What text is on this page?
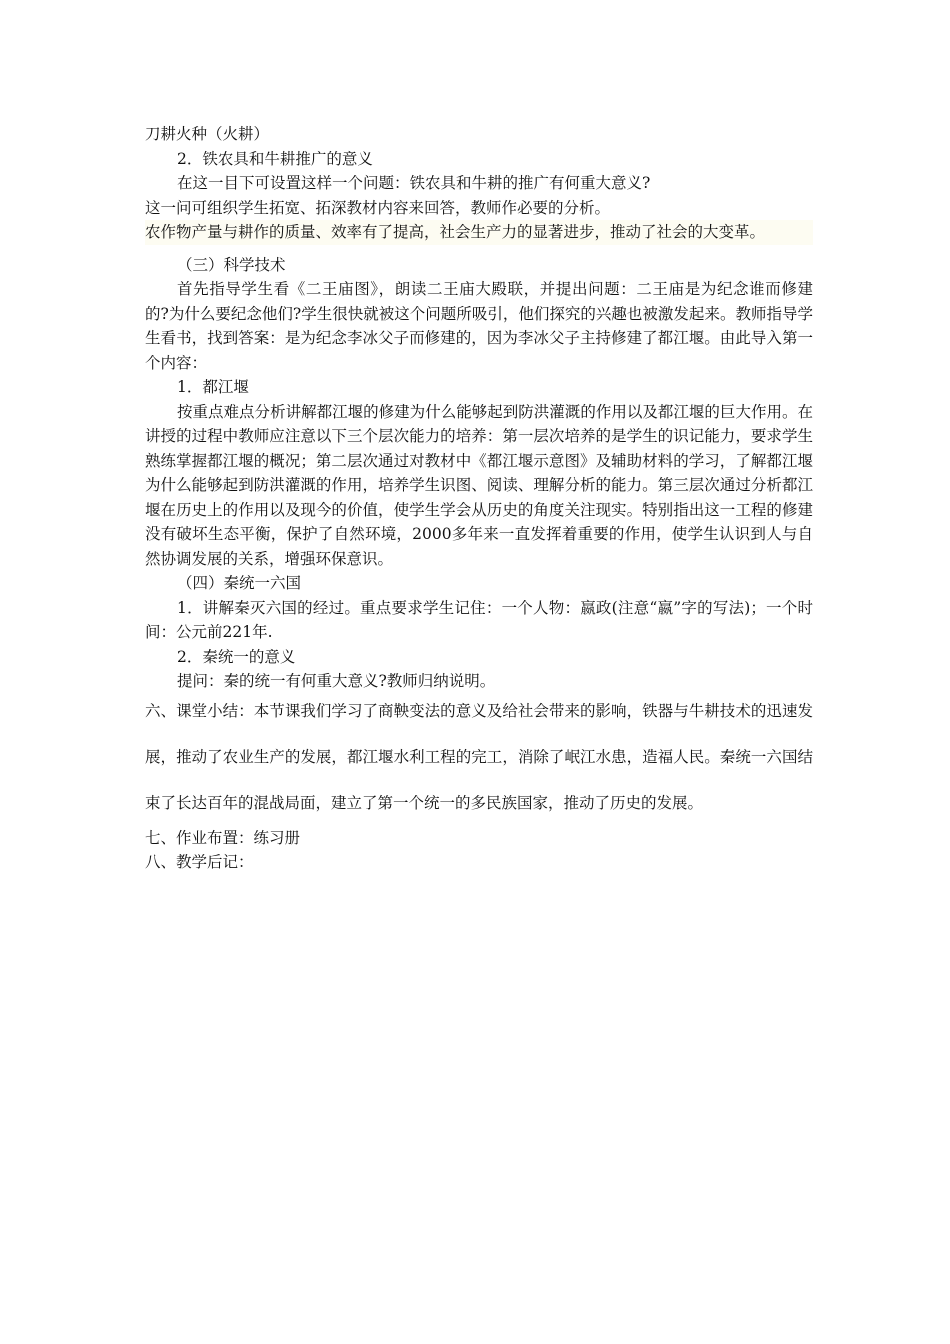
刀耕火种（火耕）

2．铁农具和牛耕推广的意义

在这一目下可设置这样一个问题：铁农具和牛耕的推广有何重大意义?

这一问可组织学生拓宽、拓深教材内容来回答，教师作必要的分析。

农作物产量与耕作的质量、效率有了提高，社会生产力的显著进步，推动了社会的大变革。

（三）科学技术

首先指导学生看《二王庙图》，朗读二王庙大殿联，并提出问题：二王庙是为纪念谁而修建的?为什么要纪念他们?学生很快就被这个问题所吸引，他们探究的兴趣也被激发起来。教师指导学生看书，找到答案：是为纪念李冰父子而修建的，因为李冰父子主持修建了都江堰。由此导入第一个内容：

1．都江堰

按重点难点分析讲解都江堰的修建为什么能够起到防洪灌溉的作用以及都江堰的巨大作用。在讲授的过程中教师应注意以下三个层次能力的培养：第一层次培养的是学生的识记能力，要求学生熟练掌握都江堰的概况；第二层次通过对教材中《都江堰示意图》及辅助材料的学习，了解都江堰为什么能够起到防洪灌溉的作用，培养学生识图、阅读、理解分析的能力。第三层次通过分析都江堰在历史上的作用以及现今的价值，使学生学会从历史的角度关注现实。特别指出这一工程的修建没有破坏生态平衡，保护了自然环境，2000多年来一直发挥着重要的作用，使学生认识到人与自然协调发展的关系，增强环保意识。

（四）秦统一六国

1．讲解秦灭六国的经过。重点要求学生记住：一个人物：嬴政(注意“嬴”字的写法)；一个时间：公元前221年.

2．秦统一的意义

提问：秦的统一有何重大意义?教师归纳说明。

六、课堂小结：本节课我们学习了商鞅变法的意义及给社会带来的影响，铁器与牛耕技术的迅速发展，推动了农业生产的发展，都江堰水利工程的完工，消除了岷江水患，造福人民。秦统一六国结束了长达百年的混战局面，建立了第一个统一的多民族国家，推动了历史的发展。

七、作业布置：练习册

八、教学后记：
